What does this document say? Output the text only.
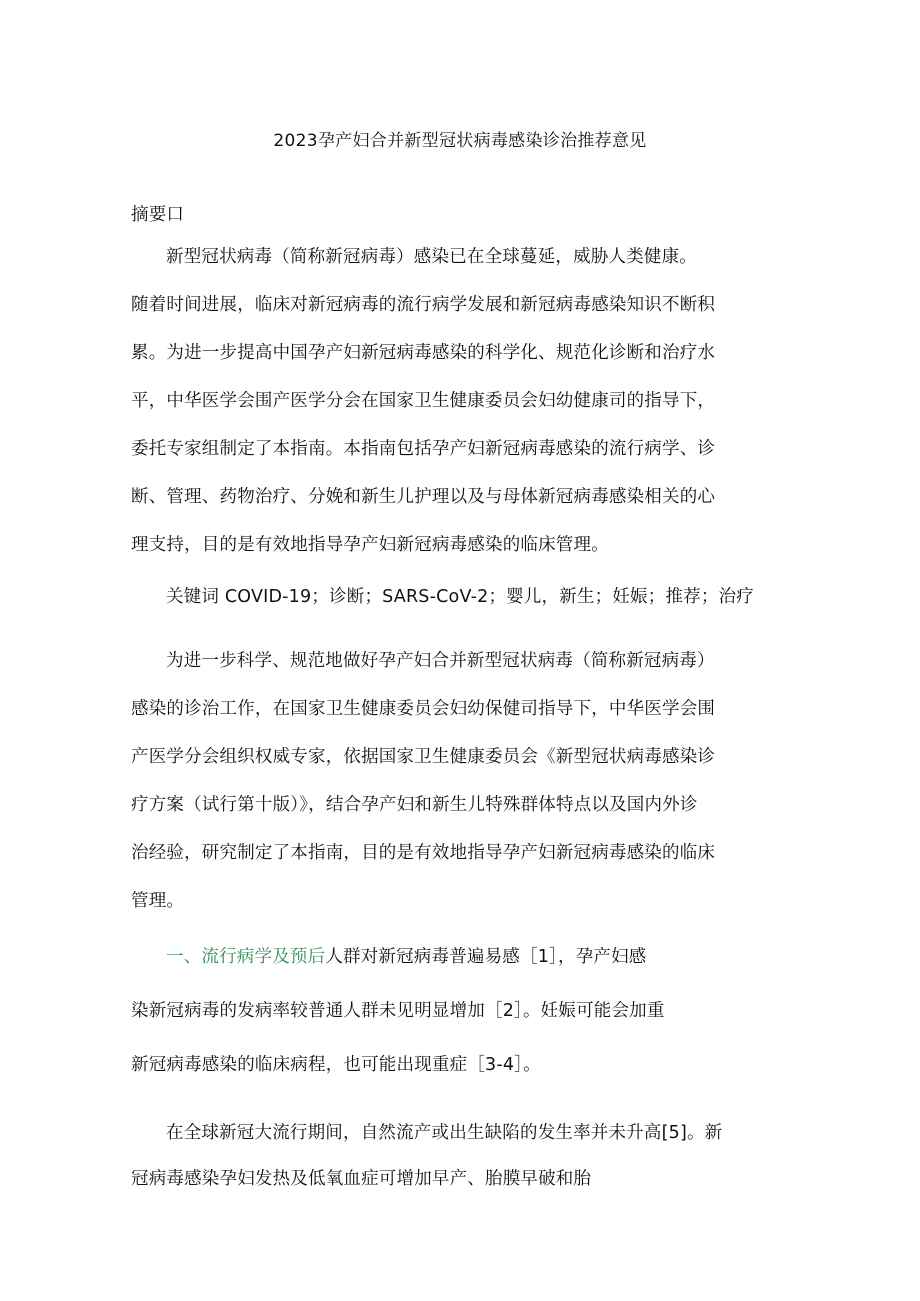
2023孕产妇合并新型冠状病毒感染诊治推荐意见
摘要口
新型冠状病毒（简称新冠病毒）感染已在全球蔓延，威胁人类健康。
随着时间进展，临床对新冠病毒的流行病学发展和新冠病毒感染知识不断积
累。为进一步提高中国孕产妇新冠病毒感染的科学化、规范化诊断和治疗水
平，中华医学会围产医学分会在国家卫生健康委员会妇幼健康司的指导下，
委托专家组制定了本指南。本指南包括孕产妇新冠病毒感染的流行病学、诊
断、管理、药物治疗、分娩和新生儿护理以及与母体新冠病毒感染相关的心
理支持，目的是有效地指导孕产妇新冠病毒感染的临床管理。
关键词 COVID-19；诊断；SARS-CoV-2；婴儿，新生；妊娠；推荐；治疗
为进一步科学、规范地做好孕产妇合并新型冠状病毒（简称新冠病毒）
感染的诊治工作，在国家卫生健康委员会妇幼保健司指导下，中华医学会围
产医学分会组织权威专家，依据国家卫生健康委员会《新型冠状病毒感染诊
疗方案（试行第十版）》，结合孕产妇和新生儿特殊群体特点以及国内外诊
治经验，研究制定了本指南，目的是有效地指导孕产妇新冠病毒感染的临床
管理。
一、流行病学及预后人群对新冠病毒普遍易感［1］，孕产妇感
染新冠病毒的发病率较普通人群未见明显增加［2］。妊娠可能会加重
新冠病毒感染的临床病程，也可能出现重症［3-4］。
在全球新冠大流行期间，自然流产或出生缺陷的发生率并未升高[5]。新
冠病毒感染孕妇发热及低氧血症可增加早产、胎膜早破和胎
